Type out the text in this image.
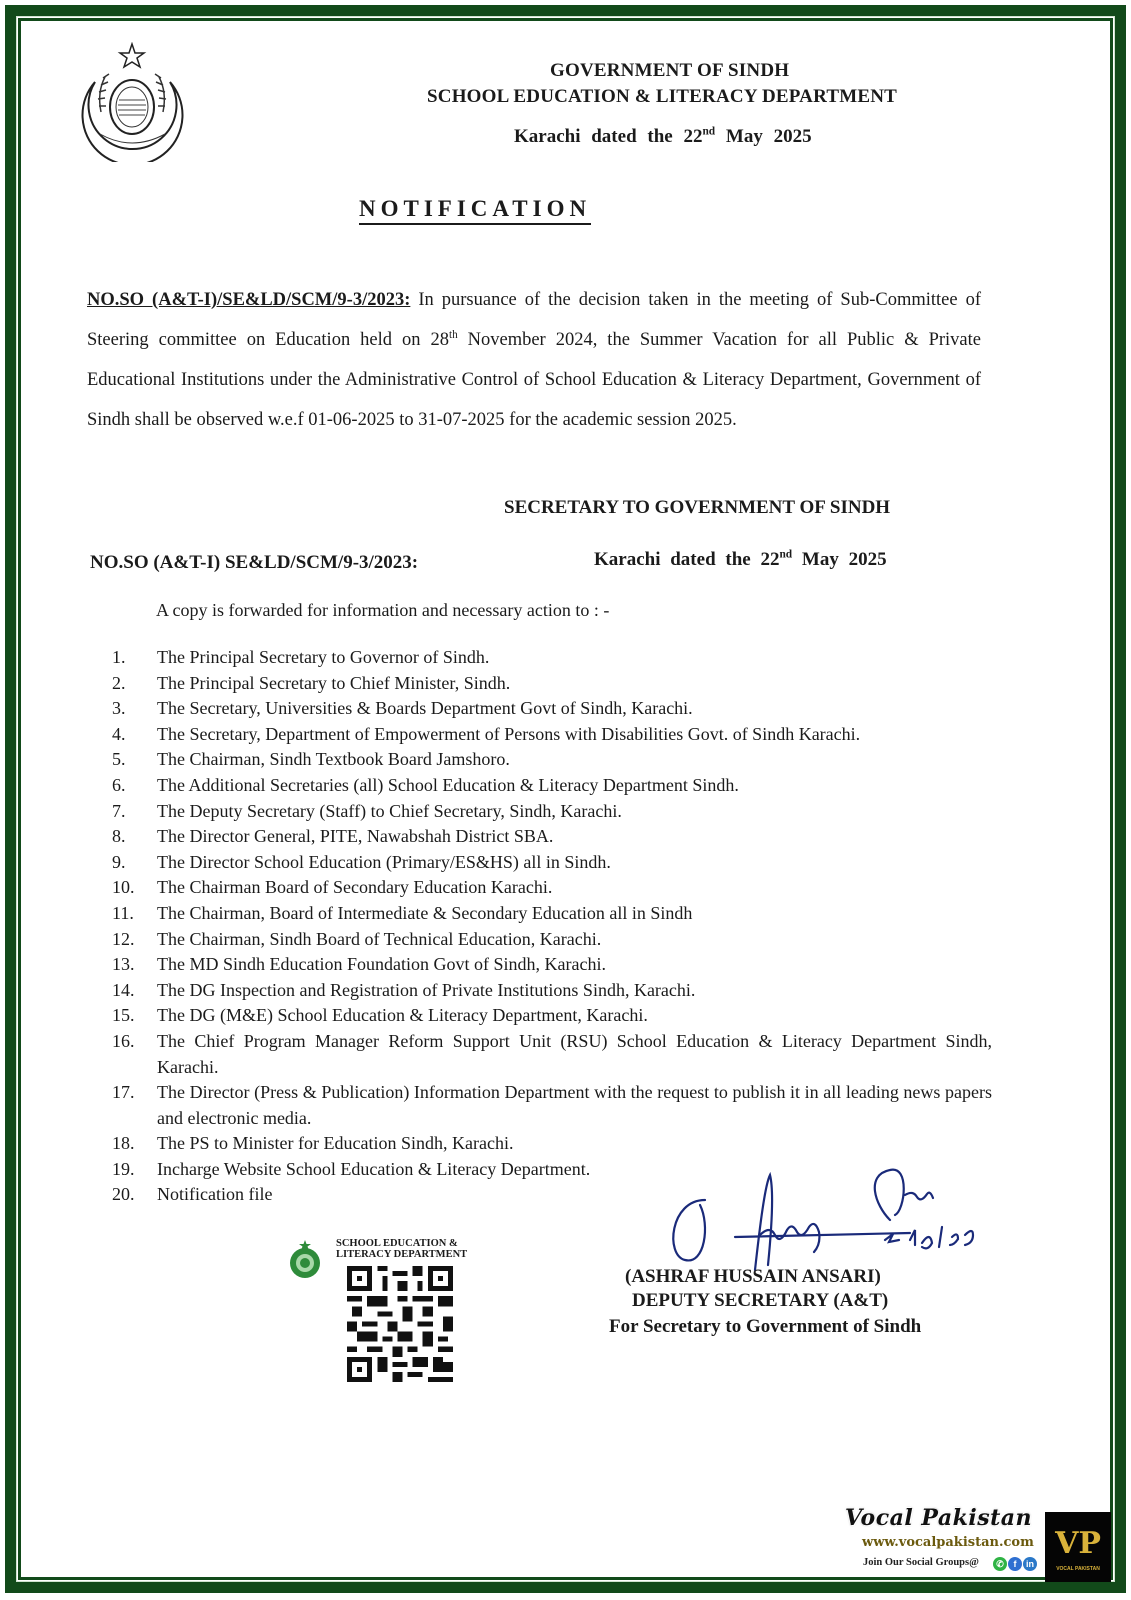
GOVERNMENT OF SINDH
SCHOOL EDUCATION & LITERACY DEPARTMENT
Karachi dated the 22nd May 2025
NOTIFICATION
NO.SO (A&T-I)/SE&LD/SCM/9-3/2023: In pursuance of the decision taken in the meeting of Sub-Committee of Steering committee on Education held on 28th November 2024, the Summer Vacation for all Public & Private Educational Institutions under the Administrative Control of School Education & Literacy Department, Government of Sindh shall be observed w.e.f 01-06-2025 to 31-07-2025 for the academic session 2025.
SECRETARY TO GOVERNMENT OF SINDH
NO.SO (A&T-I) SE&LD/SCM/9-3/2023:	Karachi dated the 22nd May 2025
A copy is forwarded for information and necessary action to : -
1.	The Principal Secretary to Governor of Sindh.
2.	The Principal Secretary to Chief Minister, Sindh.
3.	The Secretary, Universities & Boards Department Govt of Sindh, Karachi.
4.	The Secretary, Department of Empowerment of Persons with Disabilities Govt. of Sindh Karachi.
5.	The Chairman, Sindh Textbook Board Jamshoro.
6.	The Additional Secretaries (all) School Education & Literacy Department Sindh.
7.	The Deputy Secretary (Staff) to Chief Secretary, Sindh, Karachi.
8.	The Director General, PITE, Nawabshah District SBA.
9.	The Director School Education (Primary/ES&HS) all in Sindh.
10.	The Chairman Board of Secondary Education Karachi.
11.	The Chairman, Board of Intermediate & Secondary Education all in Sindh
12.	The Chairman, Sindh Board of Technical Education, Karachi.
13.	The MD Sindh Education Foundation Govt of Sindh, Karachi.
14.	The DG Inspection and Registration of Private Institutions Sindh, Karachi.
15.	The DG (M&E) School Education & Literacy Department, Karachi.
16.	The Chief Program Manager Reform Support Unit (RSU) School Education & Literacy Department Sindh, Karachi.
17.	The Director (Press & Publication) Information Department with the request to publish it in all leading news papers and electronic media.
18.	The PS to Minister for Education Sindh, Karachi.
19.	Incharge Website School Education & Literacy Department.
20.	Notification file
SCHOOL EDUCATION &
LITERACY DEPARTMENT
(ASHRAF HUSSAIN ANSARI)
DEPUTY SECRETARY (A&T)
For Secretary to Government of Sindh
Vocal Pakistan
www.vocalpakistan.com
Join Our Social Groups@	✆	f	in
VP
VOCAL PAKISTAN
